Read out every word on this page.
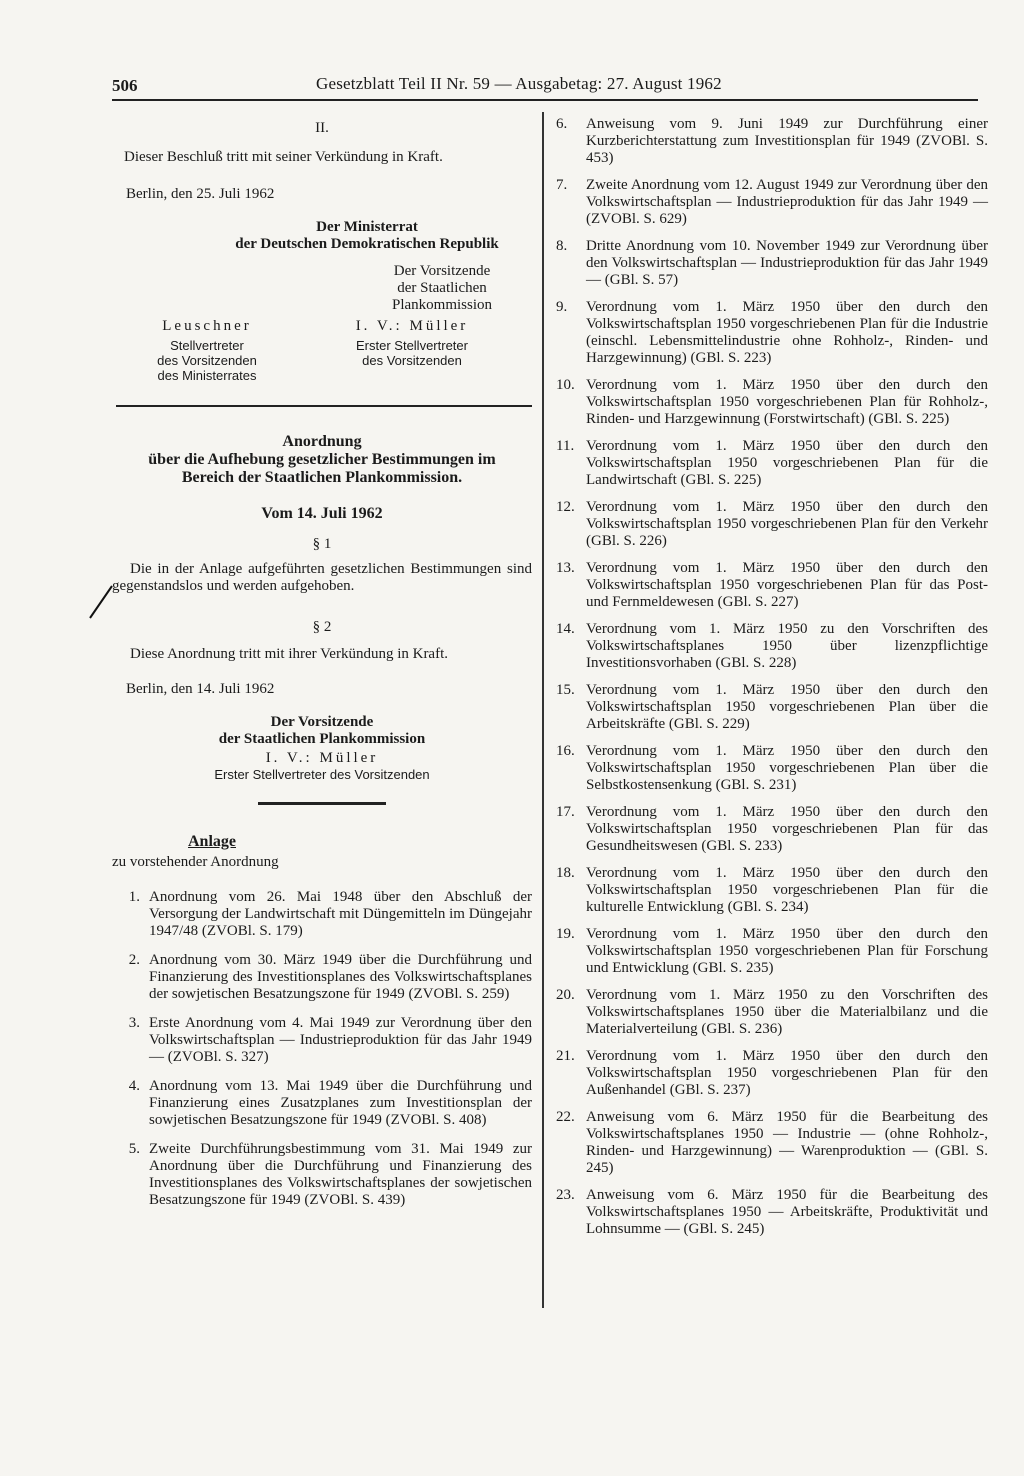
506	Gesetzblatt Teil II Nr. 59 — Ausgabetag: 27. August 1962

II.

Dieser Beschluß tritt mit seiner Verkündung in Kraft.

Berlin, den 25. Juli 1962

Der Ministerrat

der Deutschen Demokratischen Republik

Der Vorsitzende

der Staatlichen

Plankommission

Leuschner

Stellvertreter

des Vorsitzenden

des Ministerrates

I. V.: Müller

Erster Stellvertreter

des Vorsitzenden

Anordnung

über die Aufhebung gesetzlicher Bestimmungen im

Bereich der Staatlichen Plankommission.

Vom 14. Juli 1962

§ 1

Die in der Anlage aufgeführten gesetzlichen Bestimmungen sind gegenstandslos und werden aufgehoben.

§ 2

Diese Anordnung tritt mit ihrer Verkündung in Kraft.

Berlin, den 14. Juli 1962

Der Vorsitzende

der Staatlichen Plankommission

I. V.: Müller

Erster Stellvertreter des Vorsitzenden

Anlage

zu vorstehender Anordnung

1. Anordnung vom 26. Mai 1948 über den Abschluß der Versorgung der Landwirtschaft mit Düngemitteln im Düngejahr 1947/48 (ZVOBl. S. 179)
2. Anordnung vom 30. März 1949 über die Durchführung und Finanzierung des Investitionsplanes des Volkswirtschaftsplanes der sowjetischen Besatzungszone für 1949 (ZVOBl. S. 259)
3. Erste Anordnung vom 4. Mai 1949 zur Verordnung über den Volkswirtschaftsplan — Industrieproduktion für das Jahr 1949 — (ZVOBl. S. 327)
4. Anordnung vom 13. Mai 1949 über die Durchführung und Finanzierung eines Zusatzplanes zum Investitionsplan der sowjetischen Besatzungszone für 1949 (ZVOBl. S. 408)
5. Zweite Durchführungsbestimmung vom 31. Mai 1949 zur Anordnung über die Durchführung und Finanzierung des Investitionsplanes des Volkswirtschaftsplanes der sowjetischen Besatzungszone für 1949 (ZVOBl. S. 439)
6.	Anweisung vom 9. Juni 1949 zur Durchführung einer Kurzberichterstattung zum Investitionsplan für 1949 (ZVOBl. S. 453)
7.	Zweite Anordnung vom 12. August 1949 zur Verordnung über den Volkswirtschaftsplan — Industrieproduktion für das Jahr 1949 — (ZVOBl. S. 629)
8.	Dritte Anordnung vom 10. November 1949 zur Verordnung über den Volkswirtschaftsplan — Industrieproduktion für das Jahr 1949 — (GBl. S. 57)
9.	Verordnung vom 1. März 1950 über den durch den Volkswirtschaftsplan 1950 vorgeschriebenen Plan für die Industrie (einschl. Lebensmittelindustrie ohne Rohholz-, Rinden- und Harzgewinnung) (GBl. S. 223)
10. Verordnung vom 1. März 1950 über den durch den Volkswirtschaftsplan 1950 vorgeschriebenen Plan für Rohholz-, Rinden- und Harzgewinnung (Forstwirtschaft) (GBl. S. 225)
11. Verordnung vom 1. März 1950 über den durch den Volkswirtschaftsplan 1950 vorgeschriebenen Plan für die Landwirtschaft (GBl. S. 225)
12. Verordnung vom 1. März 1950 über den durch den Volkswirtschaftsplan 1950 vorgeschriebenen Plan für den Verkehr (GBl. S. 226)
13. Verordnung vom 1. März 1950 über den durch den Volkswirtschaftsplan 1950 vorgeschriebenen Plan für das Post- und Fernmeldewesen (GBl. S. 227)
14. Verordnung vom 1. März 1950 zu den Vorschriften des Volkswirtschaftsplanes 1950 über lizenzpflichtige Investitionsvorhaben (GBl. S. 228)
15. Verordnung vom 1. März 1950 über den durch den Volkswirtschaftsplan 1950 vorgeschriebenen Plan über die Arbeitskräfte (GBl. S. 229)
16. Verordnung vom 1. März 1950 über den durch den Volkswirtschaftsplan 1950 vorgeschriebenen Plan über die Selbstkostensenkung (GBl. S. 231)
17. Verordnung vom 1. März 1950 über den durch den Volkswirtschaftsplan 1950 vorgeschriebenen Plan für das Gesundheitswesen (GBl. S. 233)
18. Verordnung vom 1. März 1950 über den durch den Volkswirtschaftsplan 1950 vorgeschriebenen Plan für die kulturelle Entwicklung (GBl. S. 234)
19. Verordnung vom 1. März 1950 über den durch den Volkswirtschaftsplan 1950 vorgeschriebenen Plan für Forschung und Entwicklung (GBl. S. 235)
20. Verordnung vom 1. März 1950 zu den Vorschriften des Volkswirtschaftsplanes 1950 über die Materialbilanz und die Materialverteilung (GBl. S. 236)
21. Verordnung vom 1. März 1950 über den durch den Volkswirtschaftsplan 1950 vorgeschriebenen Plan für den Außenhandel (GBl. S. 237)
22. Anweisung vom 6. März 1950 für die Bearbeitung des Volkswirtschaftsplanes 1950 — Industrie — (ohne Rohholz-, Rinden- und Harzgewinnung) — Warenproduktion — (GBl. S. 245)
23. Anweisung vom 6. März 1950 für die Bearbeitung des Volkswirtschaftsplanes 1950 — Arbeitskräfte, Produktivität und Lohnsumme — (GBl. S. 245)
